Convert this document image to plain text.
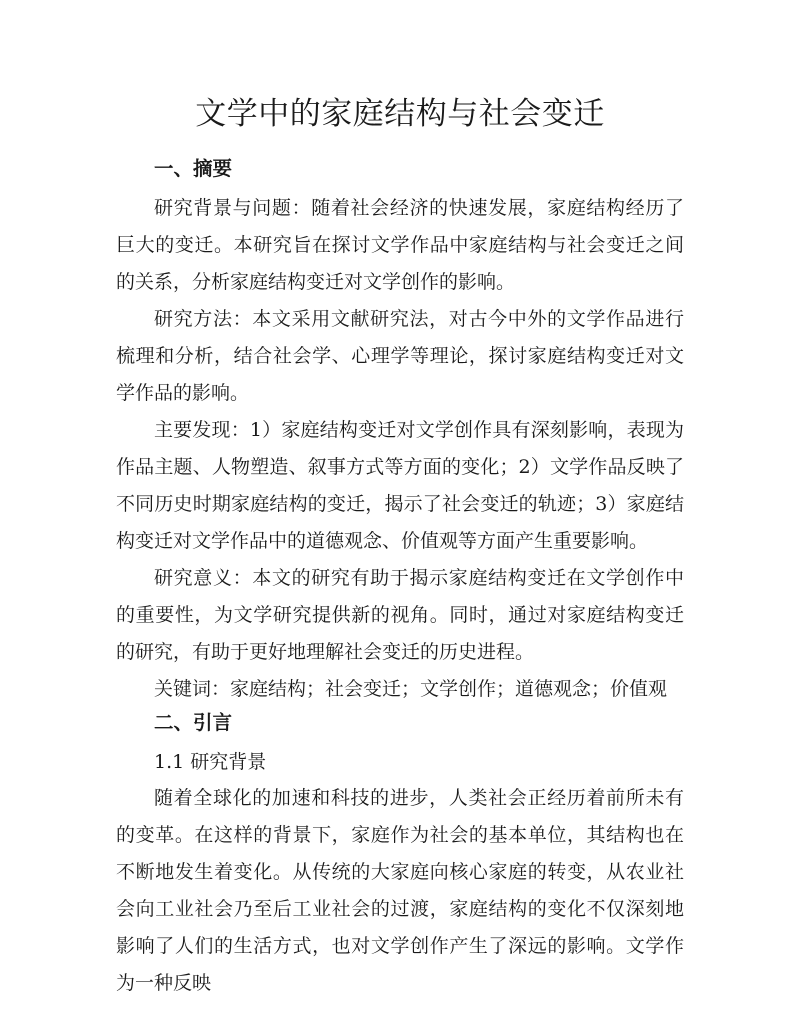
文学中的家庭结构与社会变迁
一、摘要

研究背景与问题：随着社会经济的快速发展，家庭结构经历了巨大的变迁。本研究旨在探讨文学作品中家庭结构与社会变迁之间的关系，分析家庭结构变迁对文学创作的影响。

研究方法：本文采用文献研究法，对古今中外的文学作品进行梳理和分析，结合社会学、心理学等理论，探讨家庭结构变迁对文学作品的影响。

主要发现：1）家庭结构变迁对文学创作具有深刻影响，表现为作品主题、人物塑造、叙事方式等方面的变化；2）文学作品反映了不同历史时期家庭结构的变迁，揭示了社会变迁的轨迹；3）家庭结构变迁对文学作品中的道德观念、价值观等方面产生重要影响。

研究意义：本文的研究有助于揭示家庭结构变迁在文学创作中的重要性，为文学研究提供新的视角。同时，通过对家庭结构变迁的研究，有助于更好地理解社会变迁的历史进程。

关键词：家庭结构；社会变迁；文学创作；道德观念；价值观

二、引言
1.1 研究背景

随着全球化的加速和科技的进步，人类社会正经历着前所未有的变革。在这样的背景下，家庭作为社会的基本单位，其结构也在不断地发生着变化。从传统的大家庭向核心家庭的转变，从农业社会向工业社会乃至后工业社会的过渡，家庭结构的变化不仅深刻地影响了人们的生活方式，也对文学创作产生了深远的影响。文学作为一种反映
